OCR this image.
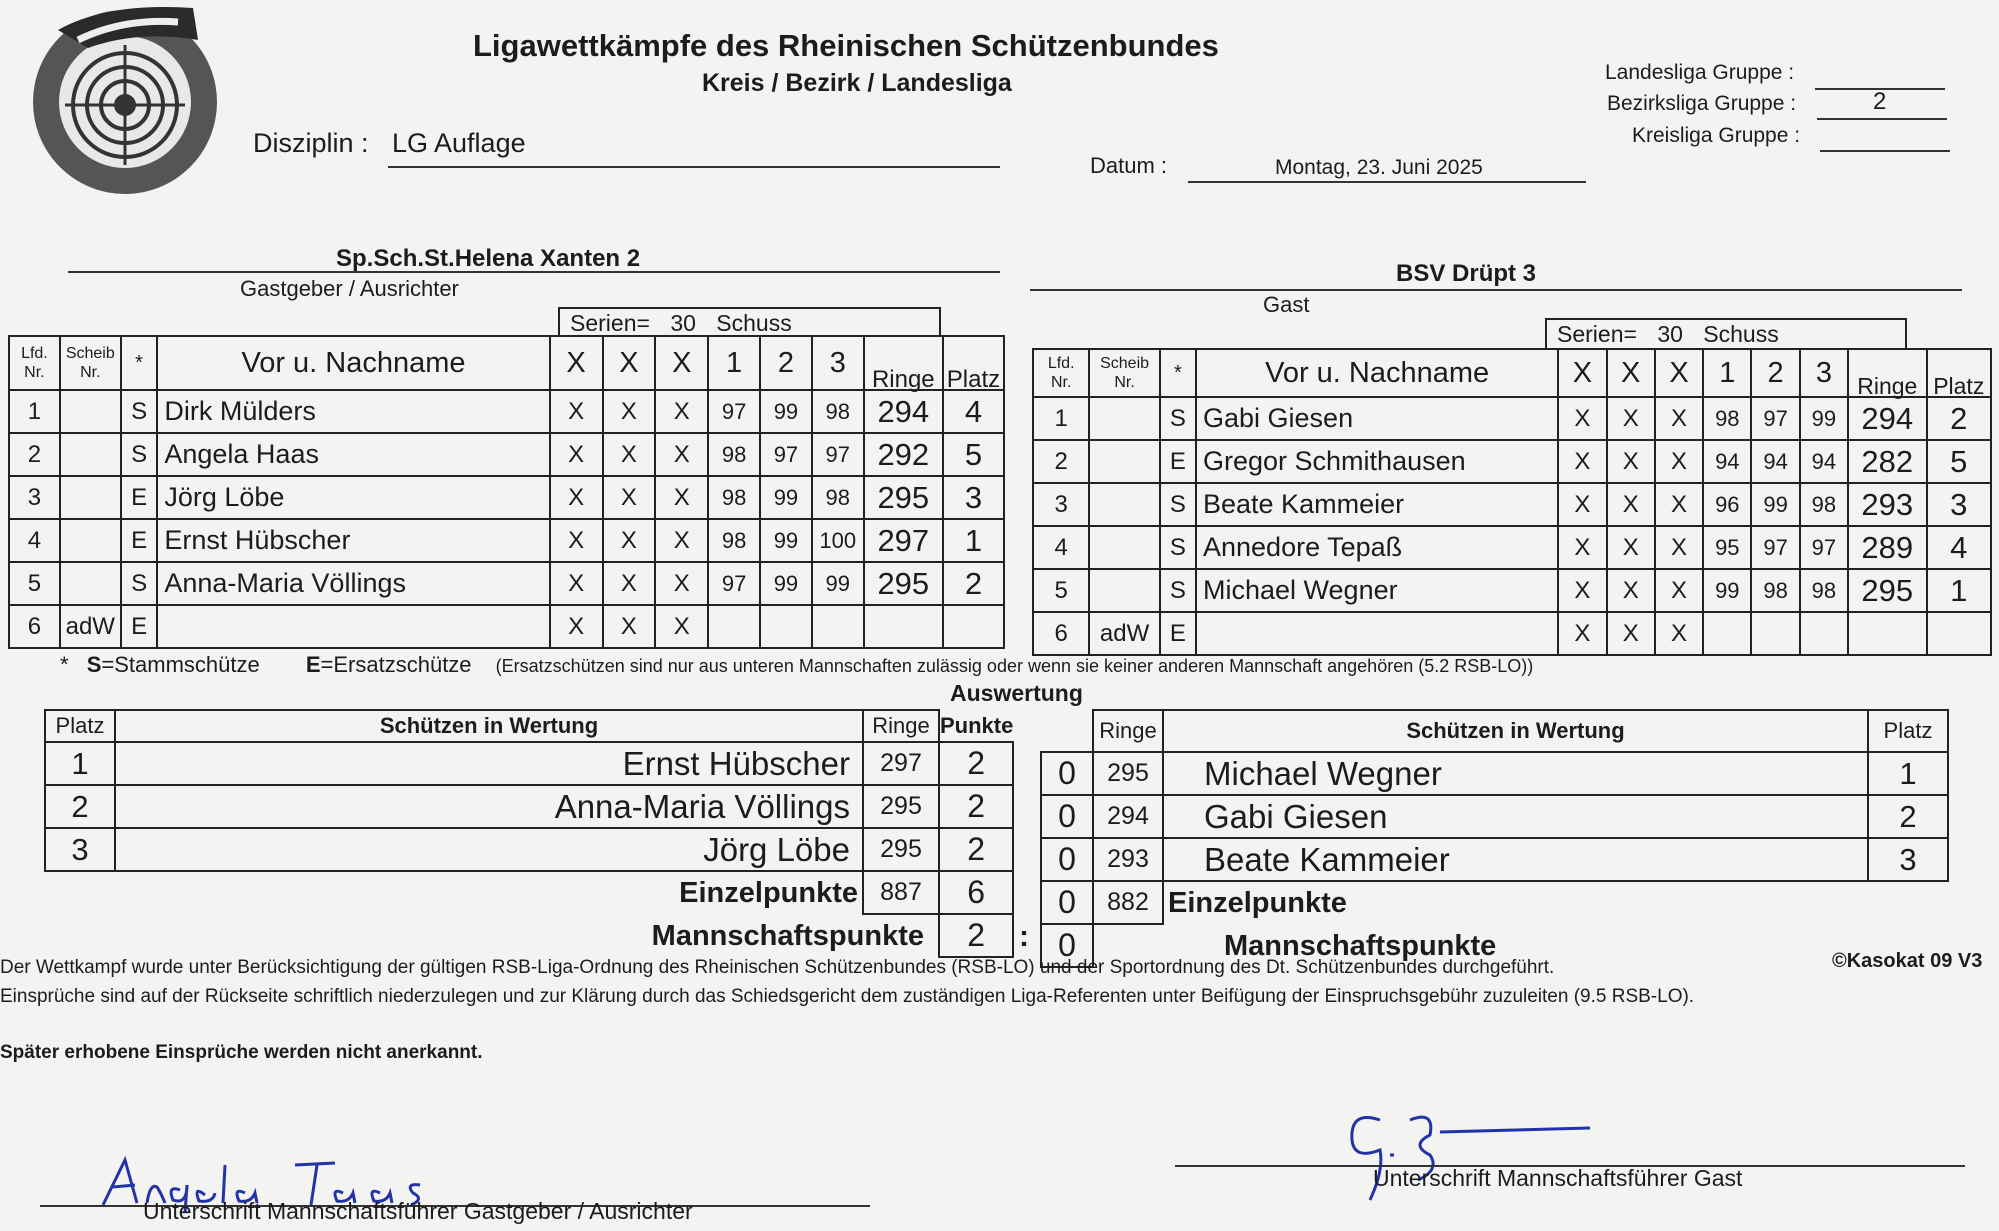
Ligawettkämpfe des Rheinischen Schützenbundes
Kreis / Bezirk / Landesliga
Disziplin : LG Auflage
Datum :	Montag, 23. Juni 2025
Landesliga Gruppe :
Bezirksliga Gruppe :	2
Kreisliga Gruppe :
Sp.Sch.St.Helena Xanten 2
Gastgeber / Ausrichter
Serien= 30 Schuss
Lfd.
Nr.	Scheib
Nr.	*	Vor u. Nachname	X	X	X	1	2	3	Ringe	Platz
1		S	Dirk Mülders	X	X	X	97	99	98	294	4
2		S	Angela Haas	X	X	X	98	97	97	292	5
3		E	Jörg Löbe	X	X	X	98	99	98	295	3
4		E	Ernst Hübscher	X	X	X	98	99	100	297	1
5		S	Anna-Maria Völlings	X	X	X	97	99	99	295	2
6	adW	E		X	X	X					
BSV Drüpt 3
Gast
Serien= 30 Schuss
Lfd.
Nr.	Scheib
Nr.	*	Vor u. Nachname	X	X	X	1	2	3	Ringe	Platz
1		S	Gabi Giesen	X	X	X	98	97	99	294	2
2		E	Gregor Schmithausen	X	X	X	94	94	94	282	5
3		S	Beate Kammeier	X	X	X	96	99	98	293	3
4		S	Annedore Tepaß	X	X	X	95	97	97	289	4
5		S	Michael Wegner	X	X	X	99	98	98	295	1
6	adW	E		X	X	X					
* S=Stammschütze E=Ersatzschütze (Ersatzschützen sind nur aus unteren Mannschaften zulässig oder wenn sie keiner anderen Mannschaft angehören (5.2 RSB-LO))
Auswertung
Platz	Schützen in Wertung	Ringe	Punkte
1	Ernst Hübscher	297	2
2	Anna-Maria Völlings	295	2
3	Jörg Löbe	295	2
	Einzelpunkte	887	6
	Mannschaftspunkte		2 :
	Ringe	Schützen in Wertung	Platz
0	295	Michael Wegner	1
0	294	Gabi Giesen	2
0	293	Beate Kammeier	3
0	882	Einzelpunkte	
0	Mannschaftspunkte		
Der Wettkampf wurde unter Berücksichtigung der gültigen RSB-Liga-Ordnung des Rheinischen Schützenbundes (RSB-LO) und der Sportordnung des Dt. Schützenbundes durchgeführt.	©Kasokat 09 V3
Einsprüche sind auf der Rückseite schriftlich niederzulegen und zur Klärung durch das Schiedsgericht dem zuständigen Liga-Referenten unter Beifügung der Einspruchsgebühr zuzuleiten (9.5 RSB-LO).
Später erhobene Einsprüche werden nicht anerkannt.
Unterschrift Mannschaftsführer Gastgeber / Ausrichter
Unterschrift Mannschaftsführer Gast
